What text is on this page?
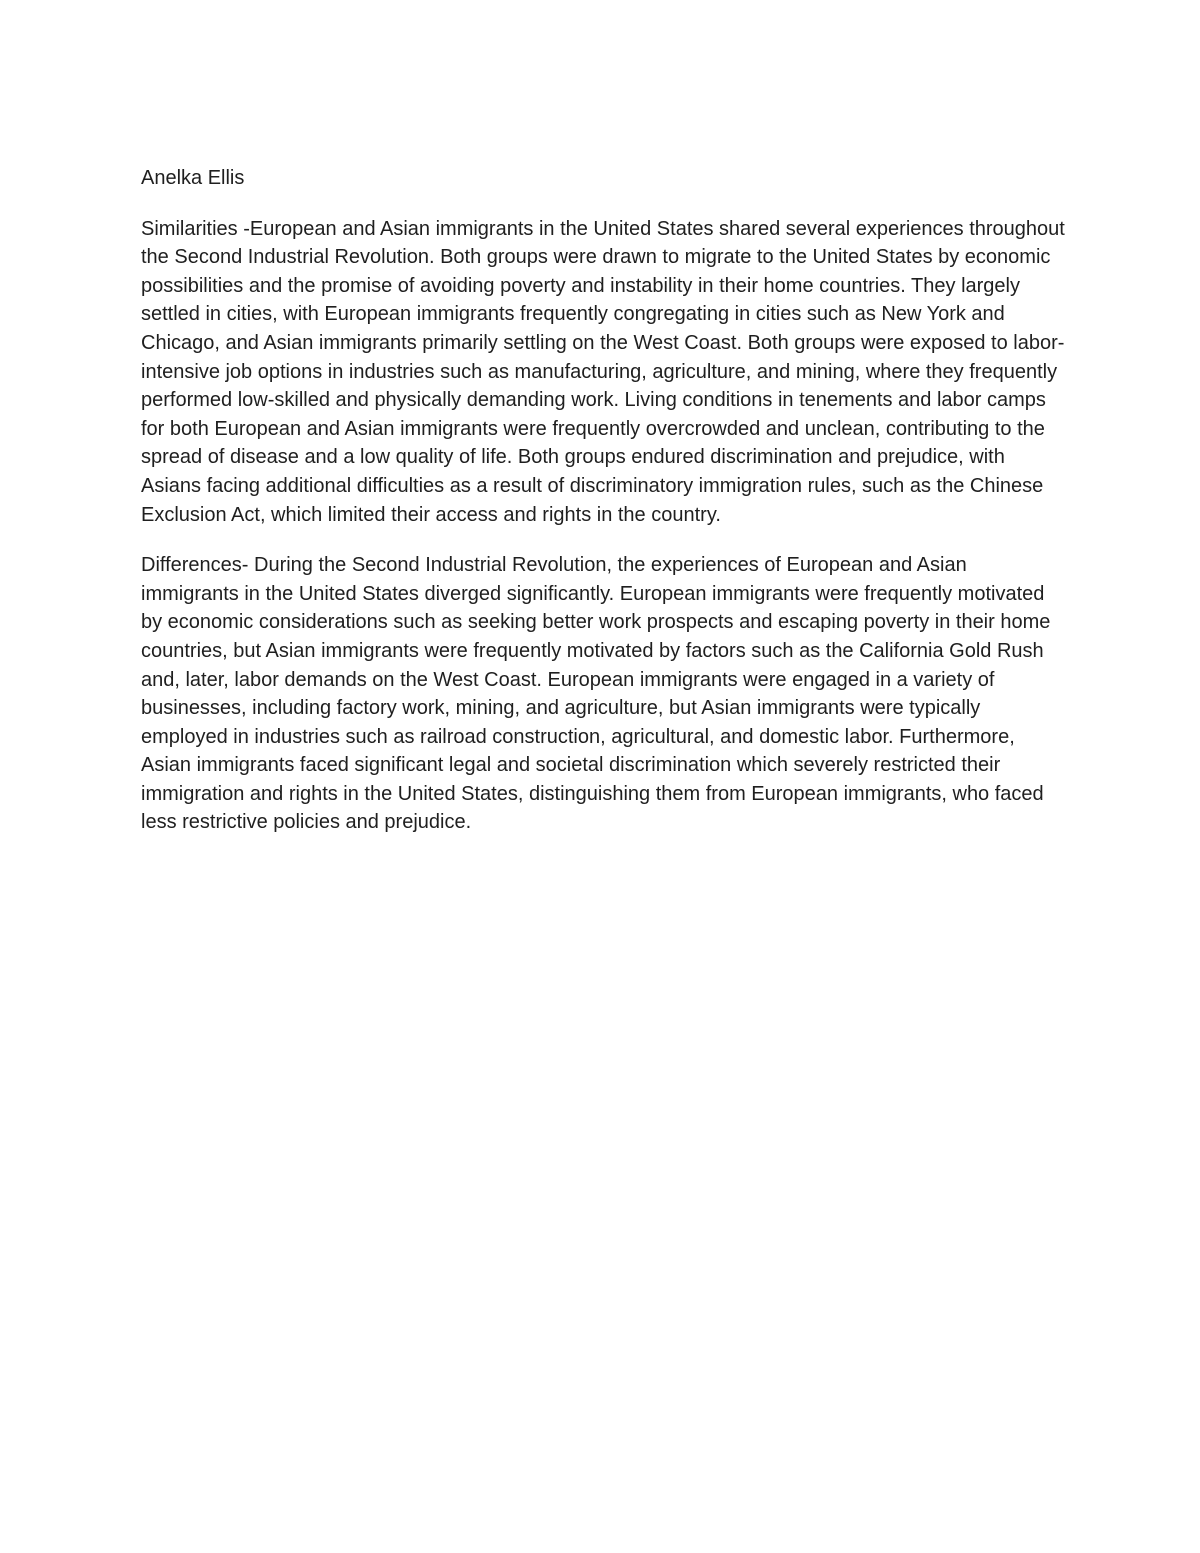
Anelka Ellis

Similarities -European and Asian immigrants in the United States shared several experiences throughout the Second Industrial Revolution. Both groups were drawn to migrate to the United States by economic possibilities and the promise of avoiding poverty and instability in their home countries. They largely settled in cities, with European immigrants frequently congregating in cities such as New York and Chicago, and Asian immigrants primarily settling on the West Coast. Both groups were exposed to labor-intensive job options in industries such as manufacturing, agriculture, and mining, where they frequently performed low-skilled and physically demanding work. Living conditions in tenements and labor camps for both European and Asian immigrants were frequently overcrowded and unclean, contributing to the spread of disease and a low quality of life. Both groups endured discrimination and prejudice, with Asians facing additional difficulties as a result of discriminatory immigration rules, such as the Chinese Exclusion Act, which limited their access and rights in the country.

Differences- During the Second Industrial Revolution, the experiences of European and Asian immigrants in the United States diverged significantly. European immigrants were frequently motivated by economic considerations such as seeking better work prospects and escaping poverty in their home countries, but Asian immigrants were frequently motivated by factors such as the California Gold Rush and, later, labor demands on the West Coast. European immigrants were engaged in a variety of businesses, including factory work, mining, and agriculture, but Asian immigrants were typically employed in industries such as railroad construction, agricultural, and domestic labor. Furthermore, Asian immigrants faced significant legal and societal discrimination which severely restricted their immigration and rights in the United States, distinguishing them from European immigrants, who faced less restrictive policies and prejudice.
